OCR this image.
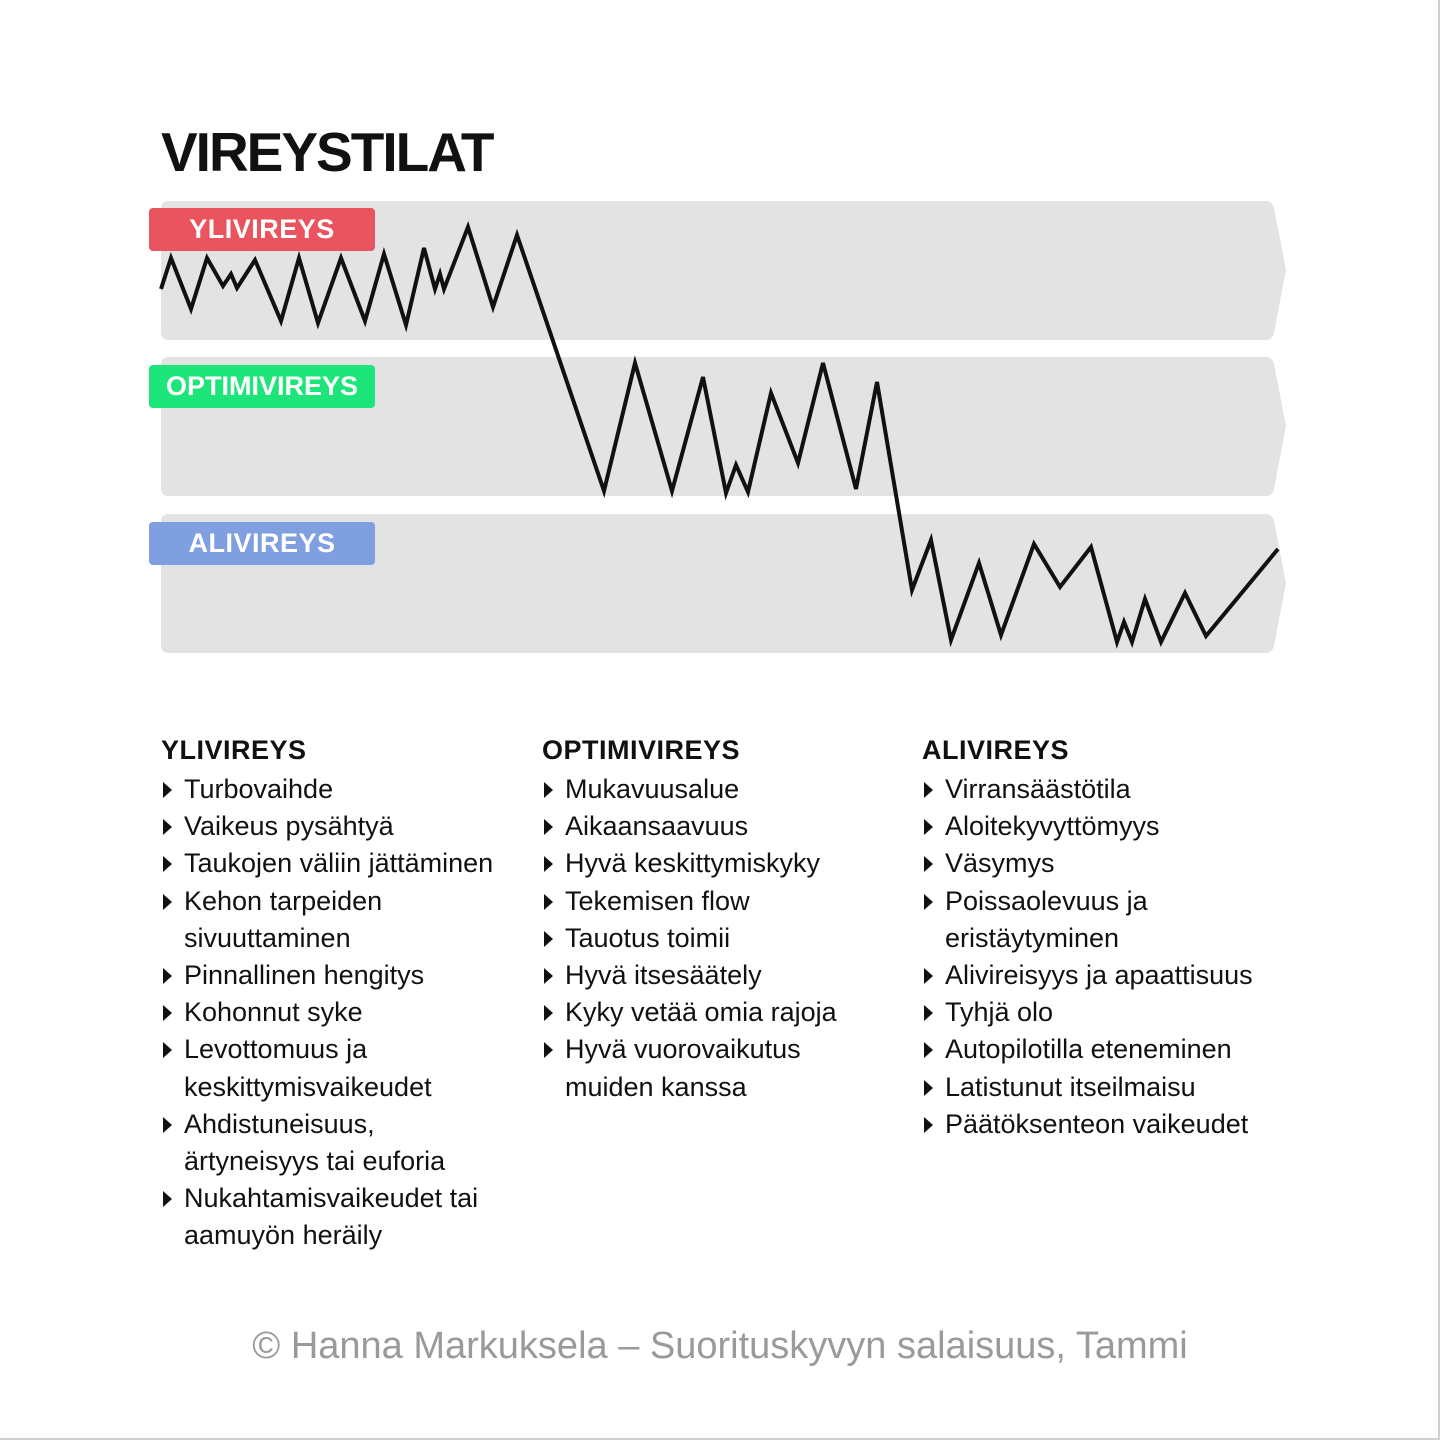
VIREYSTILAT
YLIVIREYS
OPTIMIVIREYS
ALIVIREYS
YLIVIREYS
Turbovaihde
Vaikeus pysähtyä
Taukojen väliin jättäminen
Kehon tarpeiden
sivuuttaminen
Pinnallinen hengitys
Kohonnut syke
Levottomuus ja
keskittymisvaikeudet
Ahdistuneisuus,
ärtyneisyys tai euforia
Nukahtamisvaikeudet tai
aamuyön heräily
OPTIMIVIREYS
Mukavuusalue
Aikaansaavuus
Hyvä keskittymiskyky
Tekemisen flow
Tauotus toimii
Hyvä itsesäätely
Kyky vetää omia rajoja
Hyvä vuorovaikutus
muiden kanssa
ALIVIREYS
Virransäästötila
Aloitekyvyttömyys
Väsymys
Poissaolevuus ja
eristäytyminen
Alivireisyys ja apaattisuus
Tyhjä olo
Autopilotilla eteneminen
Latistunut itseilmaisu
Päätöksenteon vaikeudet
© Hanna Markuksela – Suorituskyvyn salaisuus, Tammi
